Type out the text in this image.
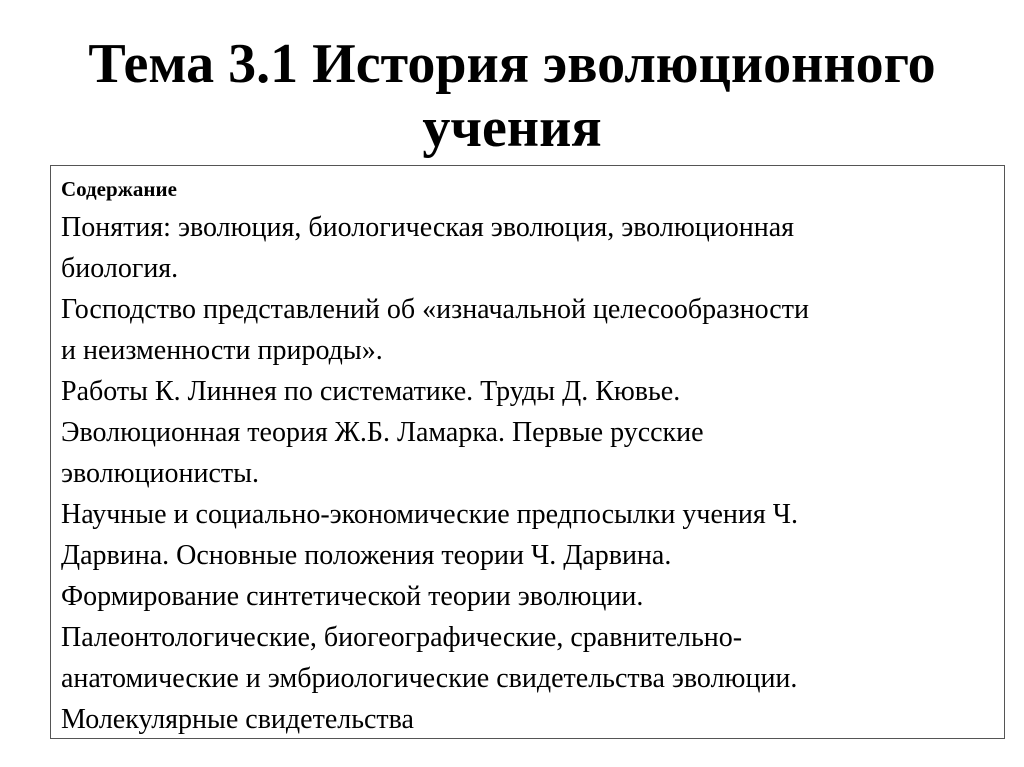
Тема 3.1 История эволюционного
учения
Содержание
Понятия: эволюция, биологическая эволюция, эволюционная
биология.
Господство представлений об «изначальной целесообразности
и неизменности природы».
Работы К. Линнея по систематике. Труды Д. Кювье.
Эволюционная теория Ж.Б. Ламарка. Первые русские
эволюционисты.
Научные и социально-экономические предпосылки учения Ч.
Дарвина. Основные положения теории Ч. Дарвина.
Формирование синтетической теории эволюции.
Палеонтологические, биогеографические, сравнительно-
анатомические и эмбриологические свидетельства эволюции.
Молекулярные свидетельства
